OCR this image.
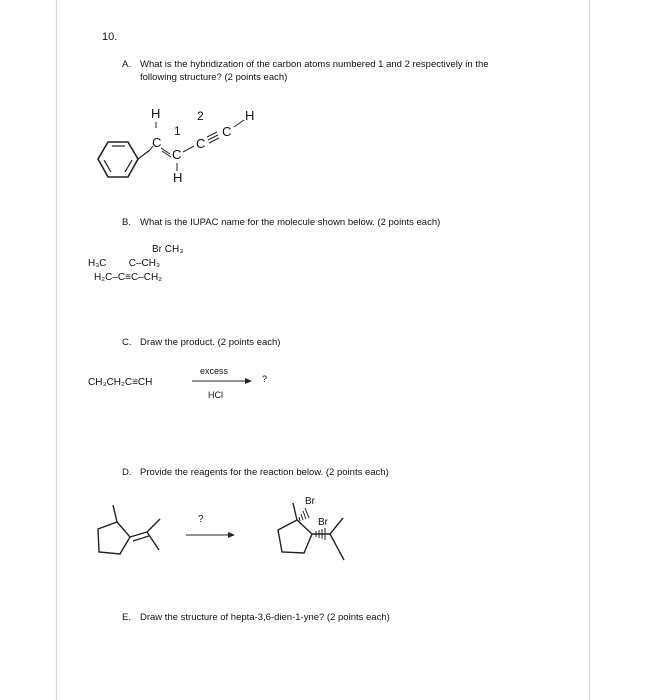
10.
A. What is the hybridization of the carbon atoms numbered 1 and 2 respectively in the
following structure? (2 points each)
H
C
1
C
H
2
C
C
H
B. What is the IUPAC name for the molecule shown below. (2 points each)
Br CH₃
H₃C        C–CH₃
H₂C–C≡C–CH₂
C. Draw the product. (2 points each)
CH₃CH₂C≡CH
excess
HCl
?
D. Provide the reagents for the reaction below. (2 points each)
?
Br
Br
E. Draw the structure of hepta-3,6-dien-1-yne? (2 points each)
